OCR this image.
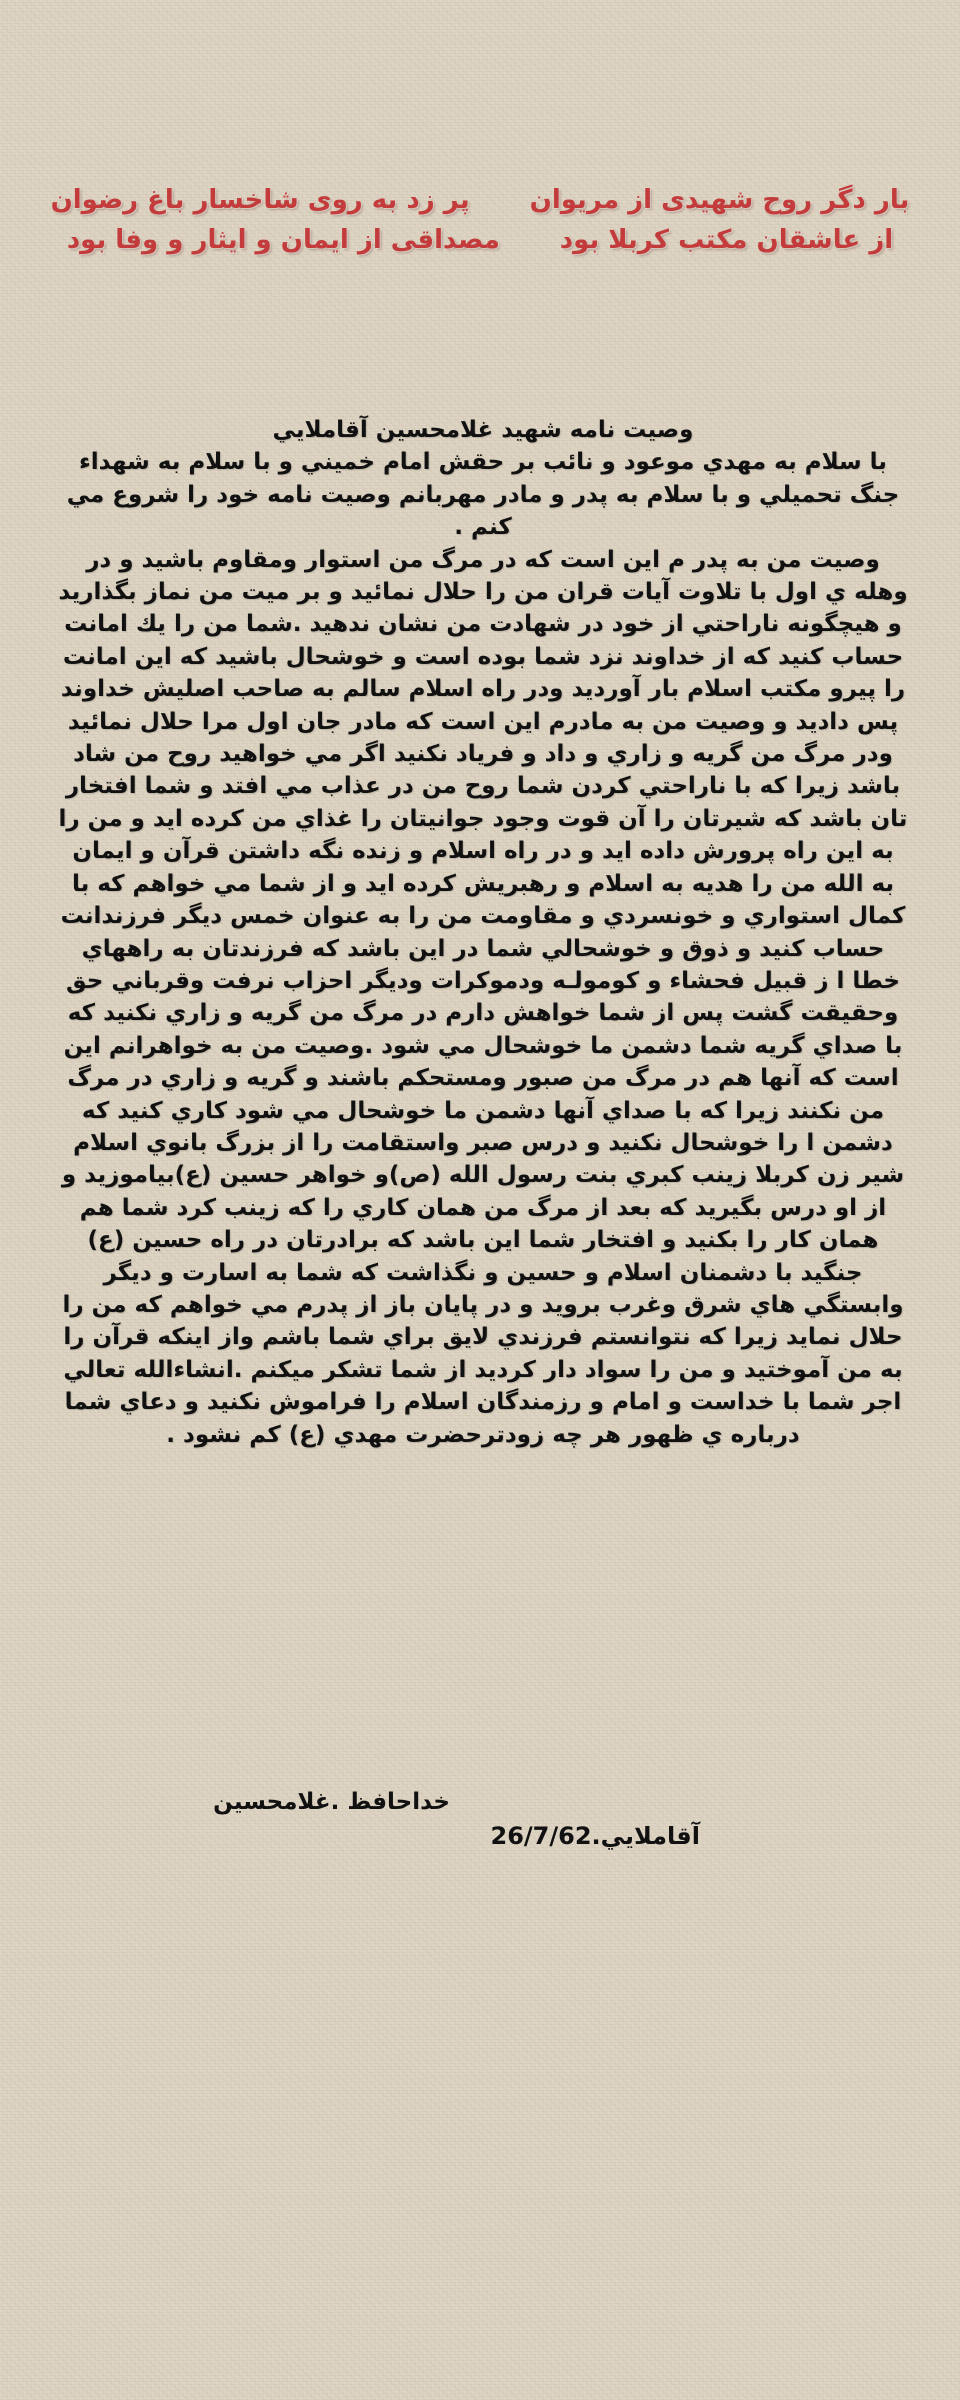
بار دگر روح شهیدی از مریوان
پر زد به روی شاخسار باغ رضوان
از عاشقان مکتب کربلا بود
مصداقی از ایمان و ایثار و وفا بود
وصيت نامه شهيد غلامحسين آقاملايي
با سلام به مهدي موعود و نائب بر حقش امام خميني و با سلام به شهداء جنگ تحميلي و با سلام به پدر و مادر مهربانم وصيت نامه خود را شروع مي كنم .
وصيت من به پدر م اين است كه در مرگ من استوار ومقاوم باشيد و در وهله ي اول با تلاوت آيات قران من را حلال نمائيد و بر ميت من نماز بگذاريد و هيچگونه ناراحتي از خود در شهادت من نشان ندهيد .شما من را يك امانت حساب كنيد كه از خداوند نزد شما بوده است و خوشحال باشيد كه اين امانت را پيرو مكتب اسلام بار آورديد ودر راه اسلام سالم به صاحب اصليش خداوند پس داديد و وصيت من به مادرم اين است كه مادر جان اول مرا حلال نمائيد ودر مرگ من گريه و زاري و داد و فرياد نكنيد اگر مي خواهيد روح من شاد باشد زيرا كه با ناراحتي كردن شما روح من در عذاب مي افتد و شما افتخار تان باشد كه شيرتان را آن قوت وجود جوانيتان را غذاي من كرده ايد و من را به اين راه پرورش داده ايد و در راه اسلام و زنده نگه داشتن قرآن و ايمان به الله من را هديه به اسلام و رهبريش كرده ايد و از شما مي خواهم كه با كمال استواري و خونسردي و مقاومت من را به عنوان خمس ديگر فرزندانت حساب كنيد و ذوق و خوشحالي شما در اين باشد كه فرزندتان به راههاي خطا ا ز قبيل فحشاء و كومولـه ودموكرات وديگر احزاب نرفت وقرباني حق وحقيقت گشت پس از شما خواهش دارم در مرگ من گريه و زاري نكنيد كه با صداي گريه شما دشمن ما خوشحال مي شود .وصيت من به خواهرانم اين است كه آنها هم در مرگ من صبور ومستحكم باشند و گريه و زاري در مرگ من نكنند زيرا كه با صداي آنها دشمن ما خوشحال مي شود كاري كنيد كه دشمن ا را خوشحال نكنيد و درس صبر واستقامت را از بزرگ بانوي اسلام شير زن كربلا زينب كبري بنت رسول الله (ص)و خواهر حسين (ع)بياموزيد و از او درس بگيريد كه بعد از مرگ من همان كاري را كه زينب كرد شما هم همان كار را بكنيد و افتخار شما اين باشد كه برادرتان در راه حسين (ع) جنگيد با دشمنان اسلام و حسين و نگذاشت كه شما به اسارت و ديگر وابستگي هاي شرق وغرب برويد و در پايان باز از پدرم مي خواهم كه من را حلال نمايد زيرا كه نتوانستم فرزندي لايق براي شما باشم واز اينكه قرآن را به من آموختيد و من را سواد دار كرديد از شما تشكر ميكنم .انشاءالله تعالي اجر شما با خداست و امام و رزمندگان اسلام را فراموش نكنيد و دعاي شما درباره ي ظهور هر چه زودترحضرت مهدي (ع) كم نشود .
خداحافظ .غلامحسين
آقاملايي.26/7/62
